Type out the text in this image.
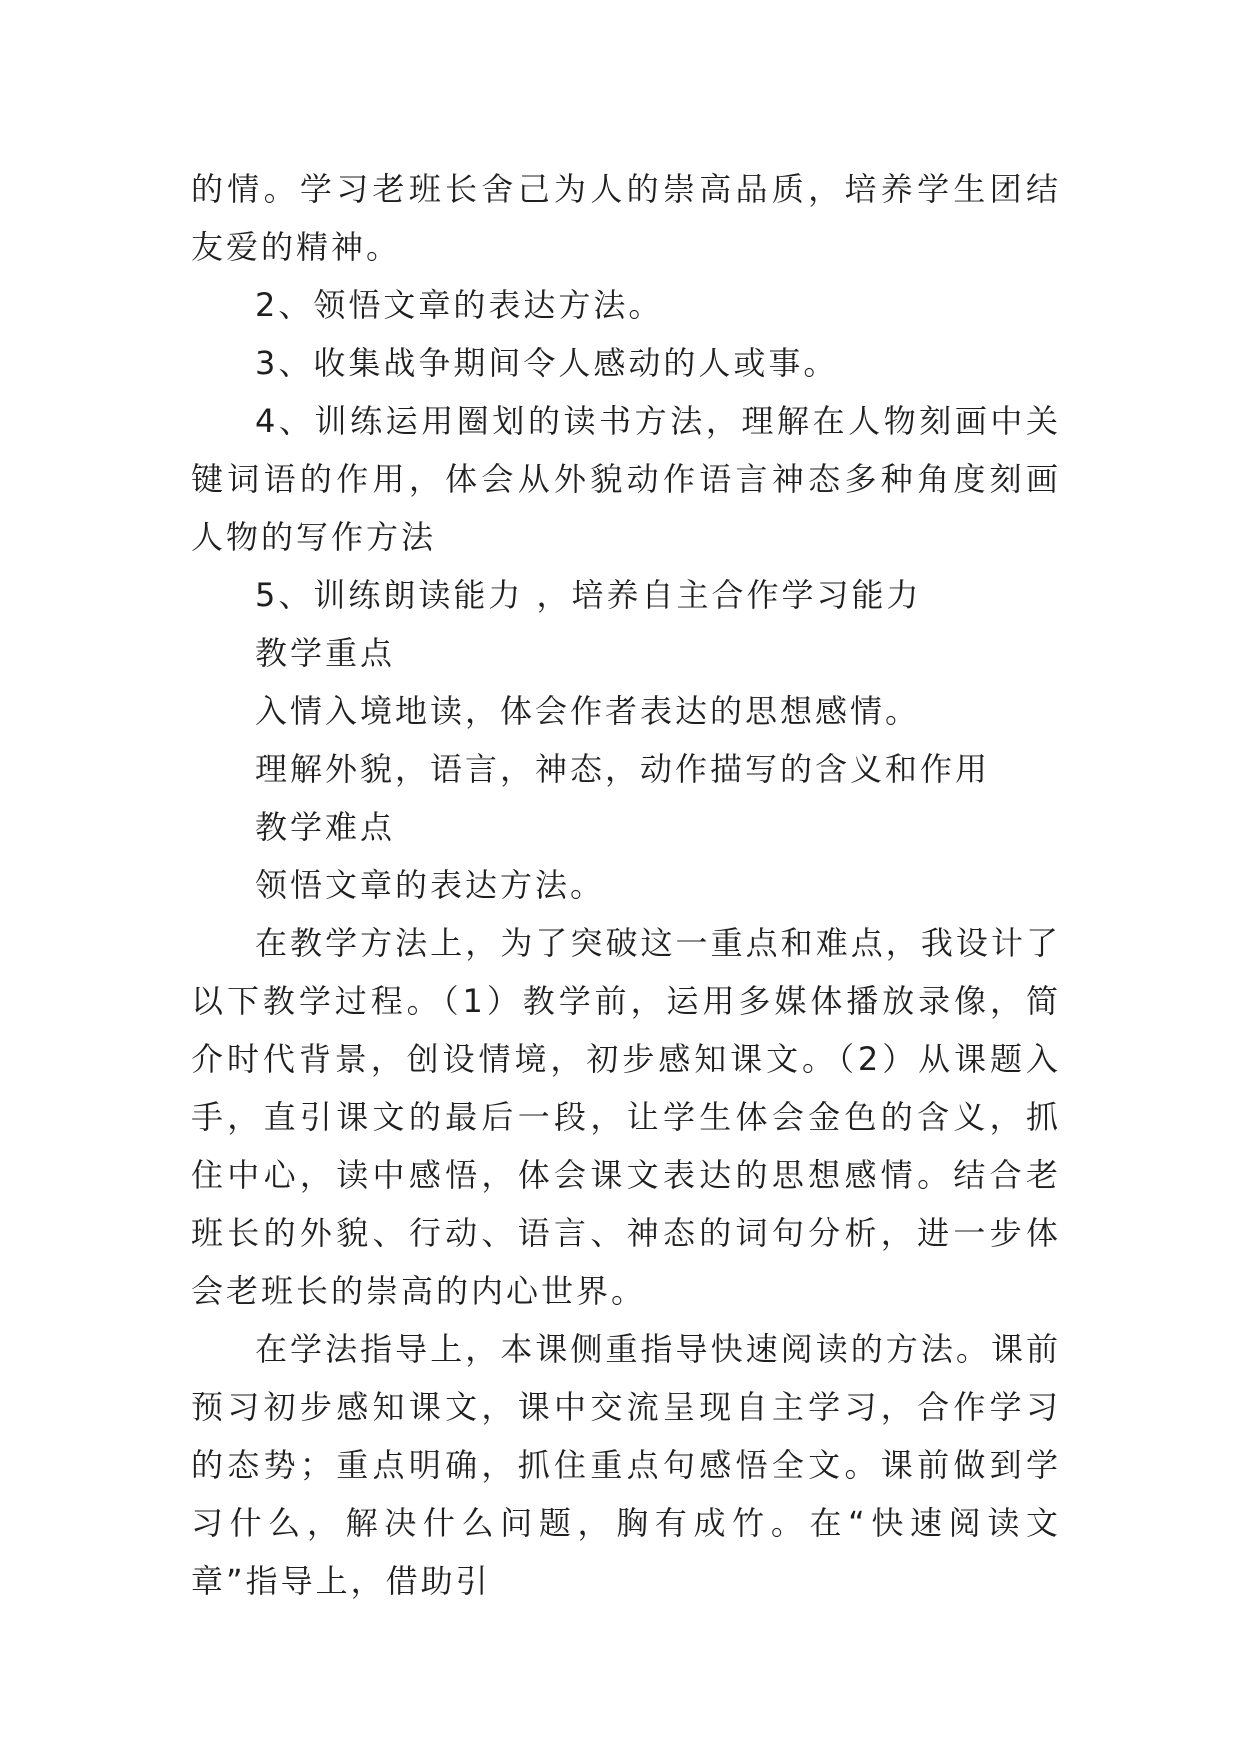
的情。学习老班长舍己为人的崇高品质，培养学生团结友爱的精神。

2、领悟文章的表达方法。

3、收集战争期间令人感动的人或事。

4、训练运用圈划的读书方法，理解在人物刻画中关键词语的作用，体会从外貌动作语言神态多种角度刻画人物的写作方法

5、训练朗读能力 ，培养自主合作学习能力

教学重点

入情入境地读，体会作者表达的思想感情。

理解外貌，语言，神态，动作描写的含义和作用

教学难点

领悟文章的表达方法。

在教学方法上，为了突破这一重点和难点，我设计了以下教学过程。（1）教学前，运用多媒体播放录像，简介时代背景，创设情境，初步感知课文。（2）从课题入手，直引课文的最后一段，让学生体会金色的含义，抓住中心，读中感悟，体会课文表达的思想感情。结合老班长的外貌、行动、语言、神态的词句分析，进一步体会老班长的崇高的内心世界。

在学法指导上，本课侧重指导快速阅读的方法。课前预习初步感知课文，课中交流呈现自主学习，合作学习的态势；重点明确，抓住重点句感悟全文。课前做到学习什么，解决什么问题，胸有成竹。在“快速阅读文章”指导上，借助引
